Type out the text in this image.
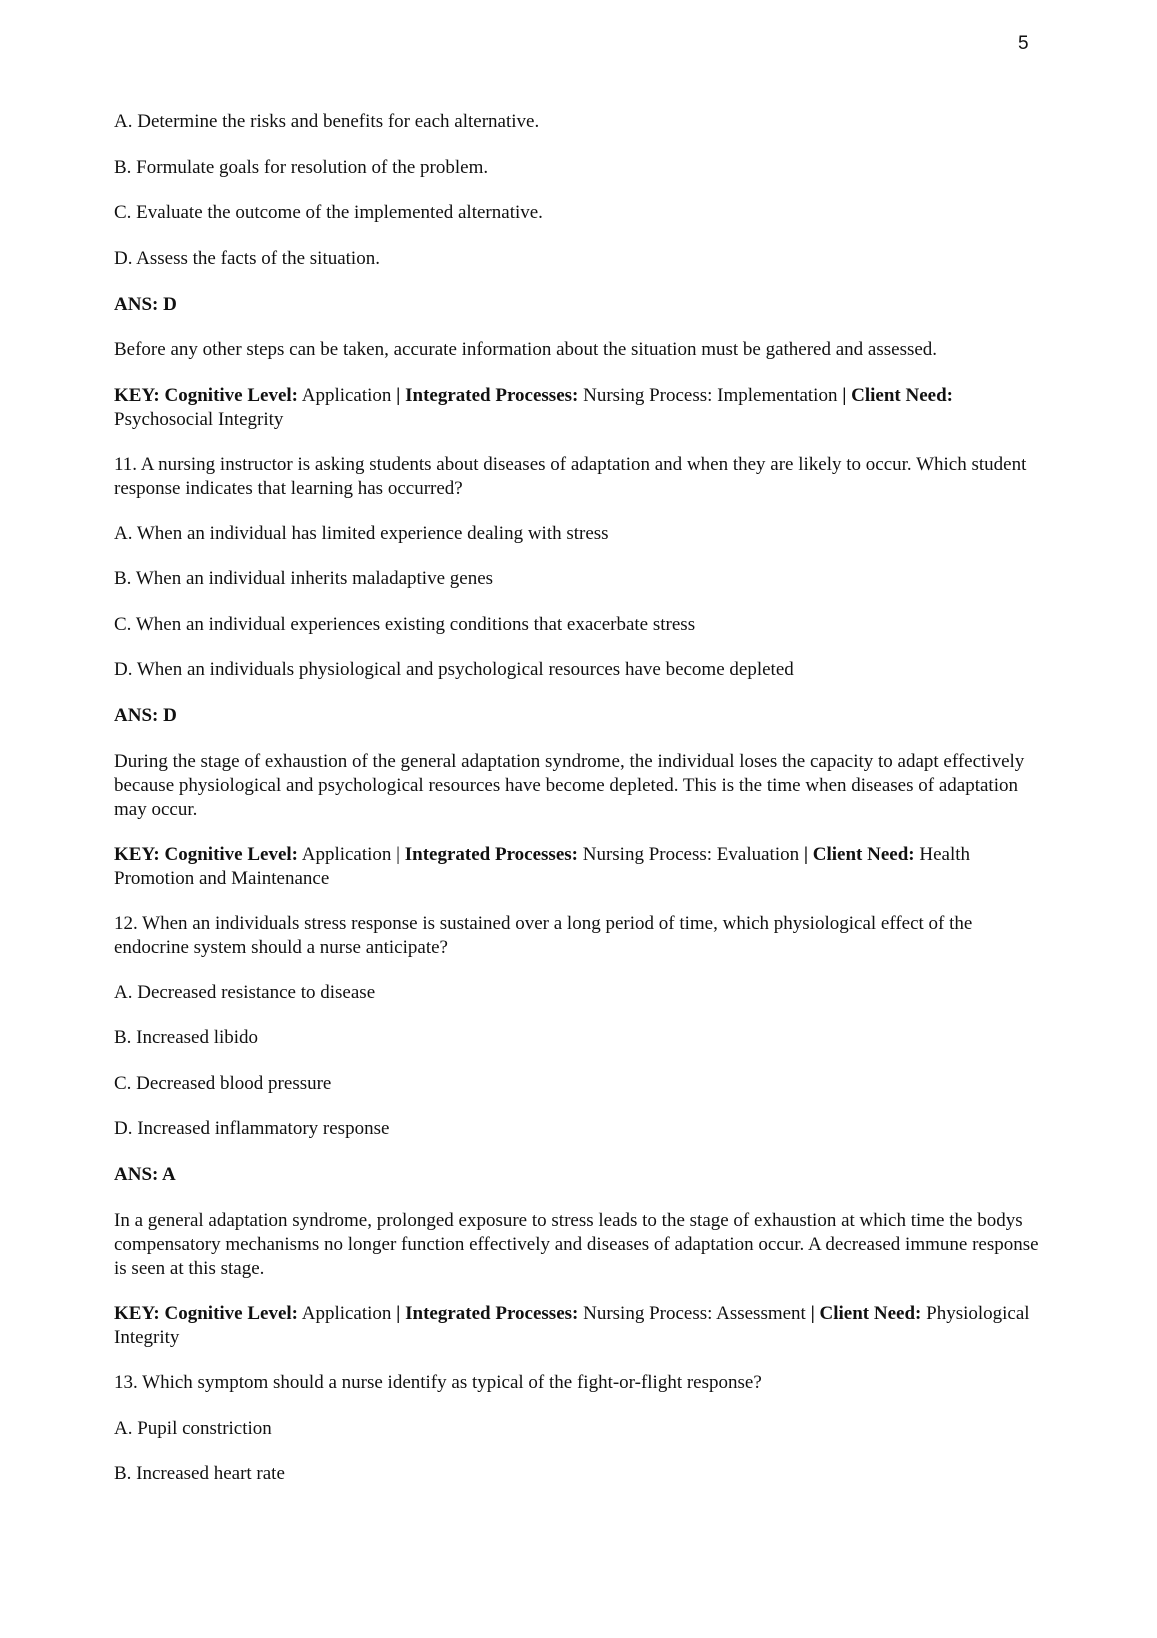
5

A. Determine the risks and benefits for each alternative.

B. Formulate goals for resolution of the problem.

C. Evaluate the outcome of the implemented alternative.

D. Assess the facts of the situation.

ANS: D

Before any other steps can be taken, accurate information about the situation must be gathered and assessed.

KEY: Cognitive Level: Application | Integrated Processes: Nursing Process: Implementation | Client Need: Psychosocial Integrity

11. A nursing instructor is asking students about diseases of adaptation and when they are likely to occur. Which student response indicates that learning has occurred?

A. When an individual has limited experience dealing with stress

B. When an individual inherits maladaptive genes

C. When an individual experiences existing conditions that exacerbate stress

D. When an individuals physiological and psychological resources have become depleted

ANS: D

During the stage of exhaustion of the general adaptation syndrome, the individual loses the capacity to adapt effectively because physiological and psychological resources have become depleted. This is the time when diseases of adaptation may occur.

KEY: Cognitive Level: Application | Integrated Processes: Nursing Process: Evaluation | Client Need: Health Promotion and Maintenance

12. When an individuals stress response is sustained over a long period of time, which physiological effect of the endocrine system should a nurse anticipate?

A. Decreased resistance to disease

B. Increased libido

C. Decreased blood pressure

D. Increased inflammatory response

ANS: A

In a general adaptation syndrome, prolonged exposure to stress leads to the stage of exhaustion at which time the bodys compensatory mechanisms no longer function effectively and diseases of adaptation occur. A decreased immune response is seen at this stage.

KEY: Cognitive Level: Application | Integrated Processes: Nursing Process: Assessment | Client Need: Physiological Integrity

13. Which symptom should a nurse identify as typical of the fight-or-flight response?

A. Pupil constriction

B. Increased heart rate
